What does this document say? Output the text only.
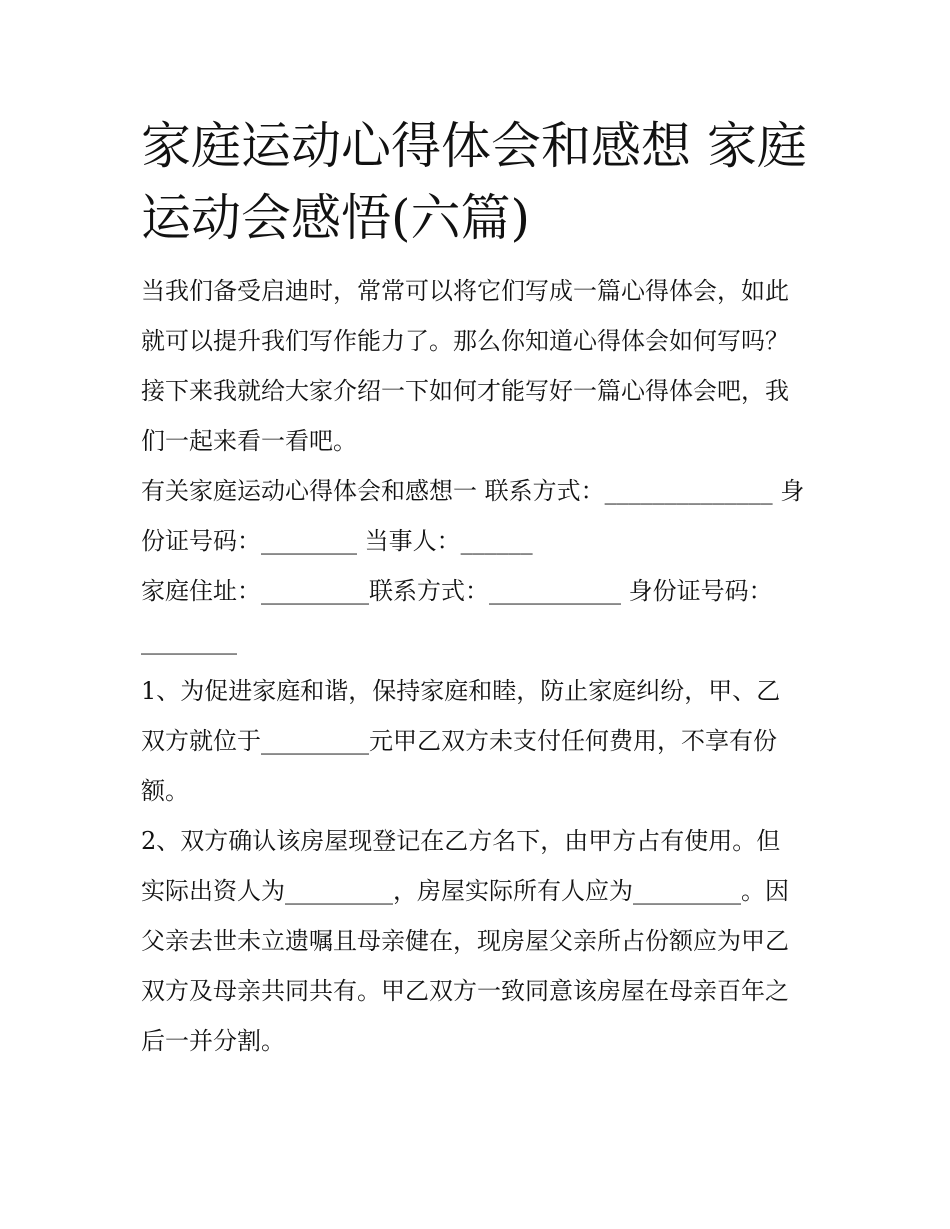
家庭运动心得体会和感想 家庭
运动会感悟(六篇)

当我们备受启迪时，常常可以将它们写成一篇心得体会，如此
就可以提升我们写作能力了。那么你知道心得体会如何写吗？
接下来我就给大家介绍一下如何才能写好一篇心得体会吧，我
们一起来看一看吧。

有关家庭运动心得体会和感想一 联系方式：______________ 身
份证号码：________ 当事人：______

家庭住址：_________联系方式：___________ 身份证号码：
________

1、为促进家庭和谐，保持家庭和睦，防止家庭纠纷，甲、乙
双方就位于_________元甲乙双方未支付任何费用，不享有份
额。

2、双方确认该房屋现登记在乙方名下，由甲方占有使用。但
实际出资人为_________，房屋实际所有人应为_________。因
父亲去世未立遗嘱且母亲健在，现房屋父亲所占份额应为甲乙
双方及母亲共同共有。甲乙双方一致同意该房屋在母亲百年之
后一并分割。
